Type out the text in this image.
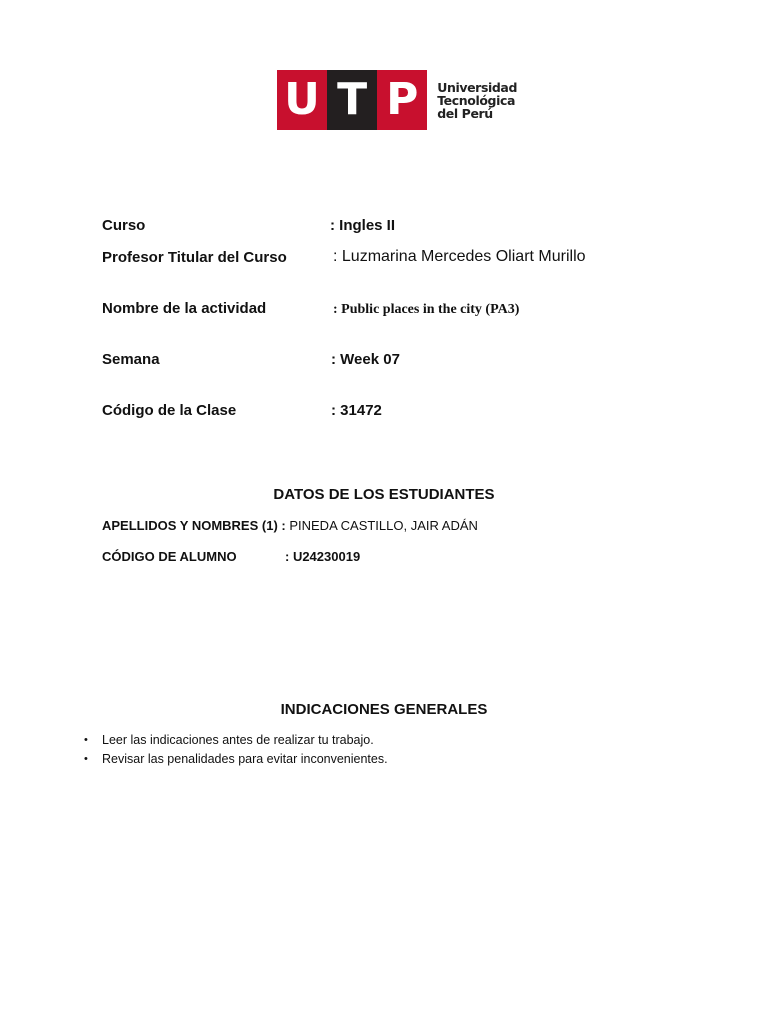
U T P	Universidad
Tecnológica
del Perú
Curso	: Ingles II
Profesor Titular del Curso	: Luzmarina Mercedes Oliart Murillo
Nombre de la actividad	: Public places in the city (PA3)
Semana	: Week 07
Código de la Clase	: 31472
DATOS DE LOS ESTUDIANTES
APELLIDOS Y NOMBRES (1) : PINEDA CASTILLO, JAIR ADÁN
CÓDIGO DE ALUMNO	: U24230019
INDICACIONES GENERALES
• Leer las indicaciones antes de realizar tu trabajo.
• Revisar las penalidades para evitar inconvenientes.
